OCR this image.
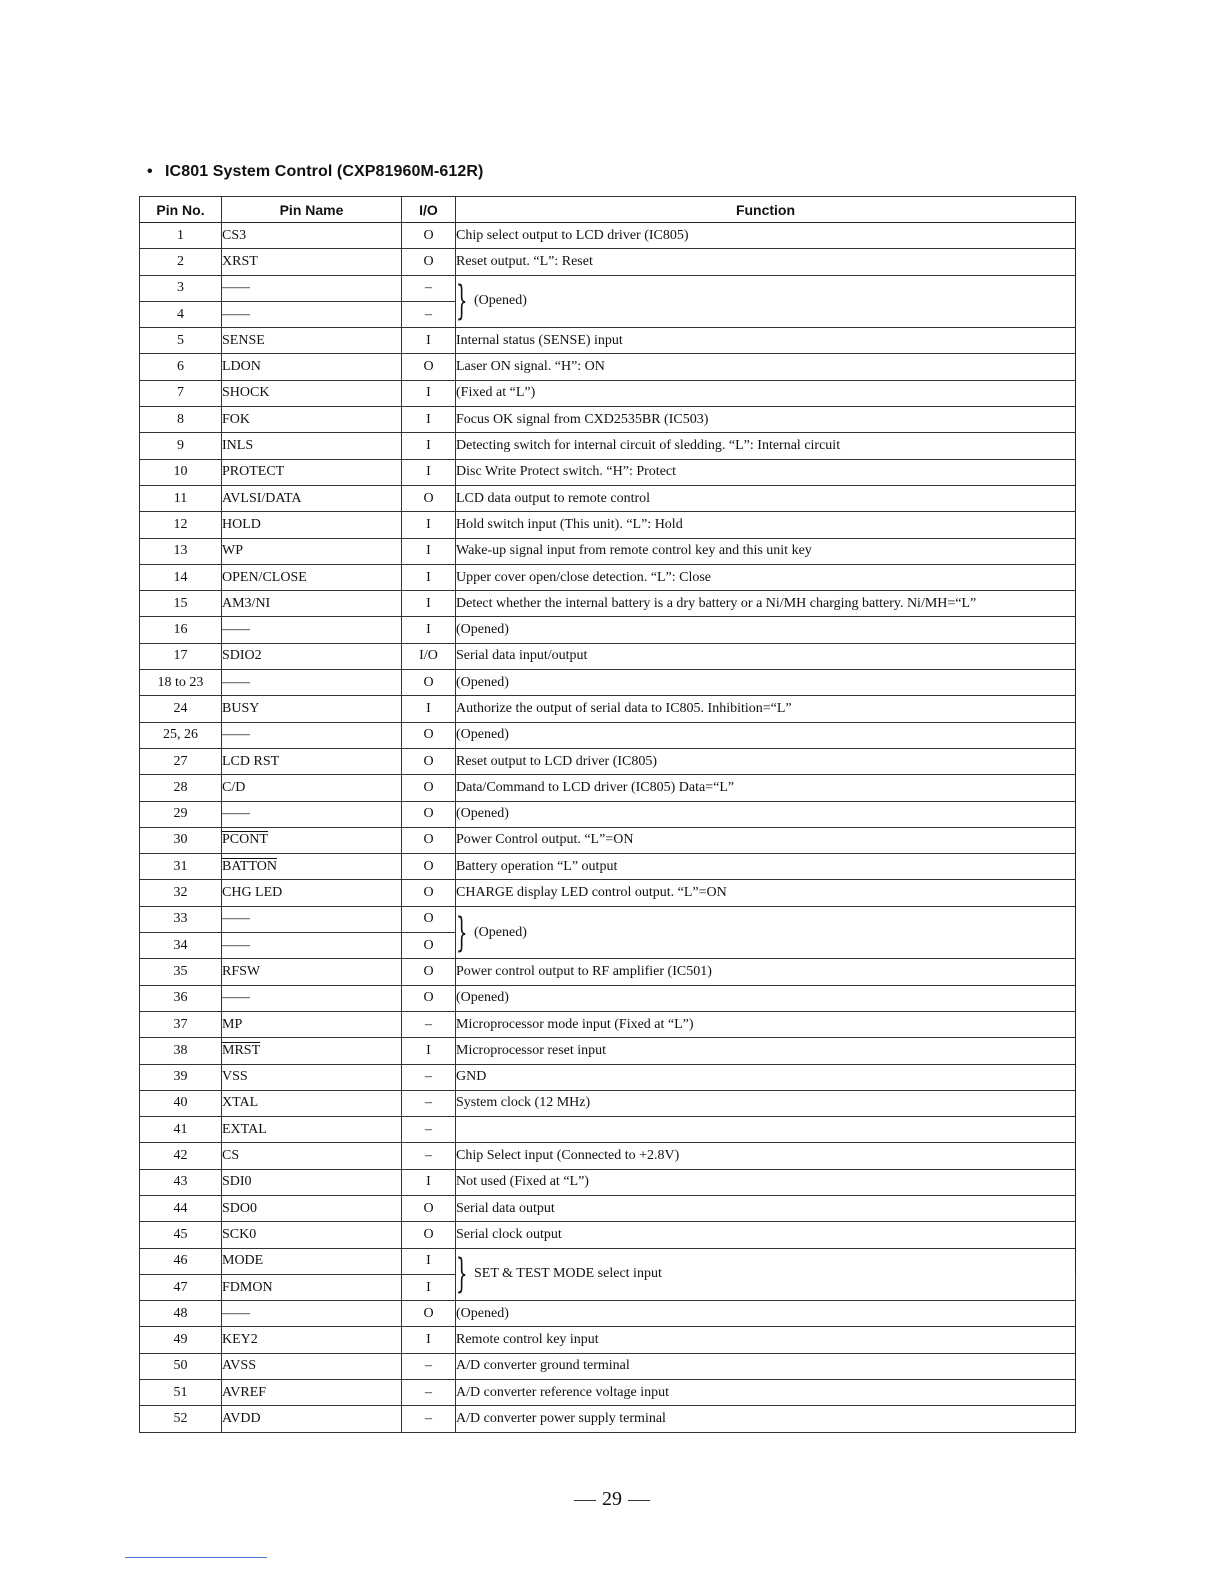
• IC801 System Control (CXP81960M-612R)
Pin No.	Pin Name	I/O	Function	
1	CS3	O	Chip select output to LCD driver (IC805)	
2	XRST	O	Reset output. “L”: Reset	
3	——	–	} (Opened)	
4	——	–		
5	SENSE	I	Internal status (SENSE) input	
6	LDON	O	Laser ON signal. “H”: ON	
7	SHOCK	I	(Fixed at “L”)	
8	FOK	I	Focus OK signal from CXD2535BR (IC503)	
9	INLS	I	Detecting switch for internal circuit of sledding. “L”: Internal circuit	
10	PROTECT	I	Disc Write Protect switch. “H”: Protect	
11	AVLSI/DATA	O	LCD data output to remote control	
12	HOLD	I	Hold switch input (This unit). “L”: Hold	
13	WP	I	Wake-up signal input from remote control key and this unit key	
14	OPEN/CLOSE	I	Upper cover open/close detection. “L”: Close	
15	AM3/NI	I	Detect whether the internal battery is a dry battery or a Ni/MH charging battery. Ni/MH=“L”	
16	——	I	(Opened)	
17	SDIO2	I/O	Serial data input/output	
18 to 23	——	O	(Opened)	
24	BUSY	I	Authorize the output of serial data to IC805. Inhibition=“L”	
25, 26	——	O	(Opened)	
27	LCD RST	O	Reset output to LCD driver (IC805)	
28	C/D	O	Data/Command to LCD driver (IC805) Data=“L”	
29	——	O	(Opened)	
30	PCONT	O	Power Control output. “L”=ON	
31	BATTON	O	Battery operation “L” output	
32	CHG LED	O	CHARGE display LED control output. “L”=ON	
33	——	O	} (Opened)	
34	——	O		
35	RFSW	O	Power control output to RF amplifier (IC501)	
36	——	O	(Opened)	
37	MP	–	Microprocessor mode input (Fixed at “L”)	
38	MRST	I	Microprocessor reset input	
39	VSS	–	GND	
40	XTAL	–	System clock (12 MHz)	
41	EXTAL	–		
42	CS	–	Chip Select input (Connected to +2.8V)	
43	SDI0	I	Not used (Fixed at “L”)	
44	SDO0	O	Serial data output	
45	SCK0	O	Serial clock output	
46	MODE	I	} SET & TEST MODE select input	
47	FDMON	I	
48	——	O	(Opened)	
49	KEY2	I	Remote control key input	
50	AVSS	–	A/D converter ground terminal	
51	AVREF	–	A/D converter reference voltage input	
52	AVDD	–	A/D converter power supply terminal	
29
